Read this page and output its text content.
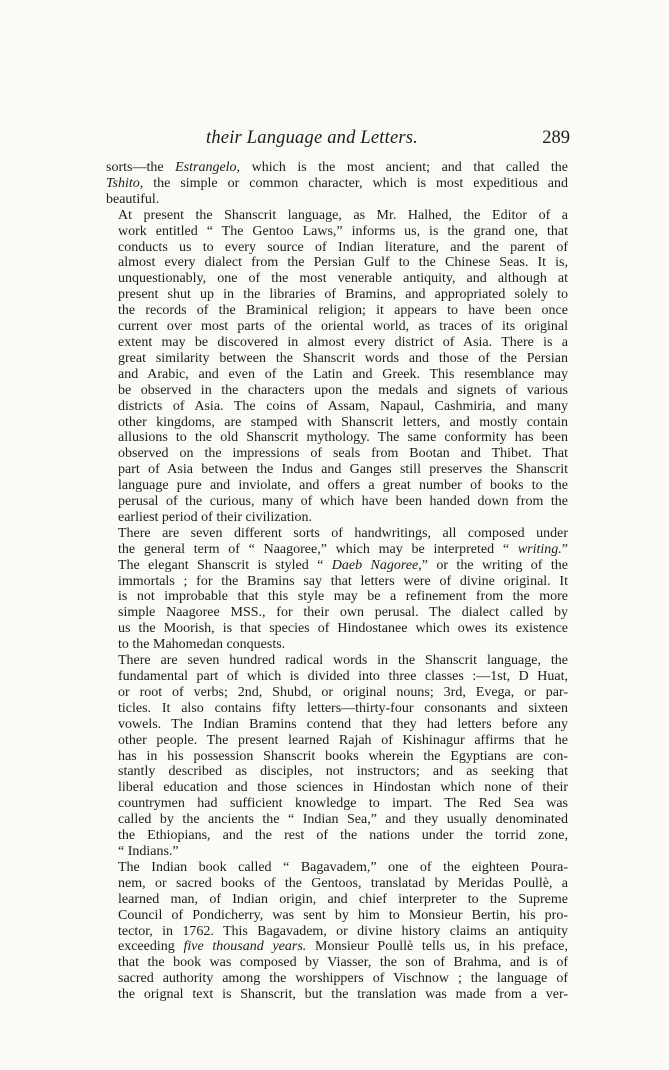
their Language and Letters.	289

sorts—the Estrangelo, which is the most ancient; and that called the
Tshito, the simple or common character, which is most expeditious and
beautiful.

At present the Shanscrit language, as Mr. Halhed, the Editor of a
work entitled “ The Gentoo Laws,” informs us, is the grand one, that
conducts us to every source of Indian literature, and the parent of
almost every dialect from the Persian Gulf to the Chinese Seas. It is,
unquestionably, one of the most venerable antiquity, and although at
present shut up in the libraries of Bramins, and appropriated solely to
the records of the Braminical religion; it appears to have been once
current over most parts of the oriental world, as traces of its original
extent may be discovered in almost every district of Asia. There is a
great similarity between the Shanscrit words and those of the Persian
and Arabic, and even of the Latin and Greek. This resemblance may
be observed in the characters upon the medals and signets of various
districts of Asia. The coins of Assam, Napaul, Cashmiria, and many
other kingdoms, are stamped with Shanscrit letters, and mostly contain
allusions to the old Shanscrit mythology. The same conformity has been
observed on the impressions of seals from Bootan and Thibet. That
part of Asia between the Indus and Ganges still preserves the Shanscrit
language pure and inviolate, and offers a great number of books to the
perusal of the curious, many of which have been handed down from the
earliest period of their civilization.

There are seven different sorts of handwritings, all composed under
the general term of “ Naagoree,” which may be interpreted “ writing.”
The elegant Shanscrit is styled “ Daeb Nagoree,” or the writing of the
immortals ; for the Bramins say that letters were of divine original. It
is not improbable that this style may be a refinement from the more
simple Naagoree MSS., for their own perusal. The dialect called by
us the Moorish, is that species of Hindostanee which owes its existence
to the Mahomedan conquests.

There are seven hundred radical words in the Shanscrit language, the
fundamental part of which is divided into three classes :—1st, D Huat,
or root of verbs; 2nd, Shubd, or original nouns; 3rd, Evega, or par-
ticles. It also contains fifty letters—thirty-four consonants and sixteen
vowels. The Indian Bramins contend that they had letters before any
other people. The present learned Rajah of Kishinagur affirms that he
has in his possession Shanscrit books wherein the Egyptians are con-
stantly described as disciples, not instructors; and as seeking that
liberal education and those sciences in Hindostan which none of their
countrymen had sufficient knowledge to impart. The Red Sea was
called by the ancients the “ Indian Sea,” and they usually denominated
the Ethiopians, and the rest of the nations under the torrid zone,
“ Indians.”

The Indian book called “ Bagavadem,” one of the eighteen Poura-
nem, or sacred books of the Gentoos, translatad by Meridas Poullè, a
learned man, of Indian origin, and chief interpreter to the Supreme
Council of Pondicherry, was sent by him to Monsieur Bertin, his pro-
tector, in 1762. This Bagavadem, or divine history claims an antiquity
exceeding five thousand years. Monsieur Poullè tells us, in his preface,
that the book was composed by Viasser, the son of Brahma, and is of
sacred authority among the worshippers of Vischnow ; the language of
the orignal text is Shanscrit, but the translation was made from a ver-
